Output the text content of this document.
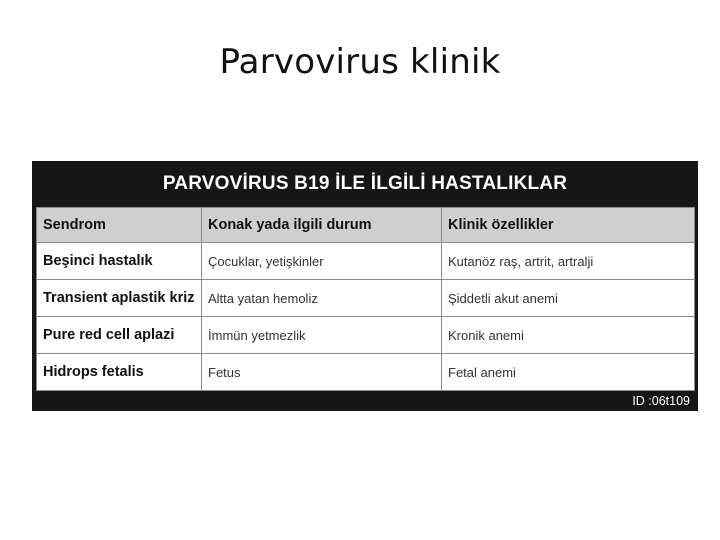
Parvovirus klinik
PARVOVİRUS B19 İLE İLGİLİ HASTALIKLAR
Sendrom	Konak yada ilgili durum	Klinik özellikler
Beşinci hastalık	Çocuklar, yetişkinler	Kutanöz raş, artrit, artralji
Transient aplastik kriz	Altta yatan hemoliz	Şiddetli akut anemi
Pure red cell aplazi	İmmün yetmezlik	Kronik anemi
Hidrops fetalis	Fetus	Fetal anemi
ID :06t109
